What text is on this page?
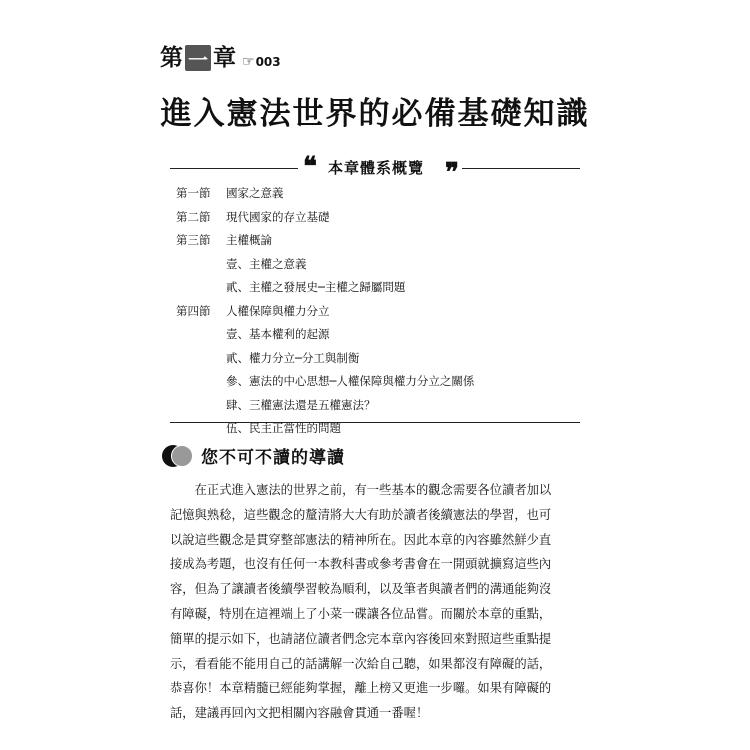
第 一 章 ☞ 003
進入憲法世界的必備基礎知識
❝ 本章體系概覽 ❞
第一節	國家之意義
第二節	現代國家的存立基礎
第三節	主權概論
壹、主權之意義
貳、主權之發展史─主權之歸屬問題
第四節	人權保障與權力分立
壹、基本權利的起源
貳、權力分立─分工與制衡
參、憲法的中心思想─人權保障與權力分立之關係
肆、三權憲法還是五權憲法？
伍、民主正當性的問題
您不可不讀的導讀
　　在正式進入憲法的世界之前，有一些基本的觀念需要各位讀者加以
記憶與熟稔，這些觀念的釐清將大大有助於讀者後續憲法的學習，也可
以說這些觀念是貫穿整部憲法的精神所在。因此本章的內容雖然鮮少直
接成為考題，也沒有任何一本教科書或參考書會在一開頭就擴寫這些內
容，但為了讓讀者後續學習較為順利，以及筆者與讀者們的溝通能夠沒
有障礙，特別在這裡端上了小菜一碟讓各位品嘗。而關於本章的重點，
簡單的提示如下，也請諸位讀者們念完本章內容後回來對照這些重點提
示，看看能不能用自己的話講解一次給自己聽，如果都沒有障礙的話，
恭喜你！本章精髓已經能夠掌握，離上榜又更進一步囉。如果有障礙的
話，建議再回內文把相關內容融會貫通一番喔！
